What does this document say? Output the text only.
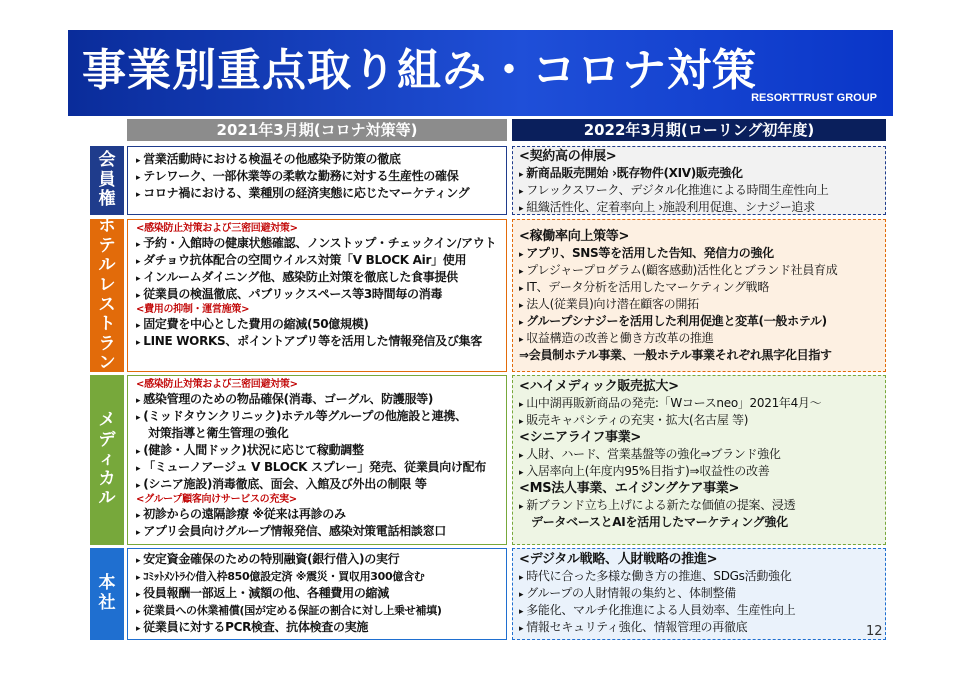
事業別重点取り組み・コロナ対策
RESORTTRUST GROUP
2021年3月期(コロナ対策等)	2022年3月期(ローリング初年度)
会員権
▸ 営業活動時における検温その他感染予防策の徹底
▸ テレワーク、一部休業等の柔軟な勤務に対する生産性の確保
▸ コロナ禍における、業種別の経済実態に応じたマーケティング
<契約高の伸展>
▸ 新商品販売開始 ›既存物件(XIV)販売強化
▸ フレックスワーク、デジタル化推進による時間生産性向上
▸ 組織活性化、定着率向上 ›施設利用促進、シナジー追求
ホテルレストラン
<感染防止対策および三密回避対策>
▸ 予約・入館時の健康状態確認、ノンストップ・チェックイン/アウト
▸ ダチョウ抗体配合の空間ウイルス対策「V BLOCK Air」使用
▸ インルームダイニング他、感染防止対策を徹底した食事提供
▸ 従業員の検温徹底、パブリックスペース等3時間毎の消毒
<費用の抑制・運営施策>
▸ 固定費を中心とした費用の縮減(50億規模)
▸ LINE WORKS、ポイントアプリ等を活用した情報発信及び集客
<稼働率向上策等>
▸ アプリ、SNS等を活用した告知、発信力の強化
▸ プレジャープログラム(顧客感動)活性化とブランド社員育成
▸ IT、データ分析を活用したマーケティング戦略
▸ 法人(従業員)向け潜在顧客の開拓
▸ グループシナジーを活用した利用促進と変革(一般ホテル)
▸ 収益構造の改善と働き方改革の推進
⇒会員制ホテル事業、一般ホテル事業それぞれ黒字化目指す
メディカル
<感染防止対策および三密回避対策>
▸ 感染管理のための物品確保(消毒、ゴーグル、防護服等)
▸ (ミッドタウンクリニック)ホテル等グループの他施設と連携、
対策指導と衛生管理の強化
▸ (健診・人間ドック)状況に応じて稼動調整
▸ 「ミューノアージュ V BLOCK スプレー」発売、従業員向け配布
▸ (シニア施設)消毒徹底、面会、入館及び外出の制限 等
<グループ顧客向けサービスの充実>
▸ 初診からの遠隔診療 ※従来は再診のみ
▸ アプリ会員向けグループ情報発信、感染対策電話相談窓口
<ハイメディック販売拡大>
▸ 山中湖再販新商品の発売:「Wコースneo」2021年4月～
▸ 販売キャパシティの充実・拡大(名古屋 等)
<シニアライフ事業>
▸ 人財、ハード、営業基盤等の強化⇒ブランド強化
▸ 入居率向上(年度内95%目指す)⇒収益性の改善
<MS法人事業、エイジングケア事業>
▸ 新ブランド立ち上げによる新たな価値の提案、浸透
データベースとAIを活用したマーケティング強化
本社
▸ 安定資金確保のための特別融資(銀行借入)の実行
▸ ｺﾐｯﾄﾒﾝﾄﾗｲﾝ借入枠850億設定済 ※震災・買収用300億含む
▸ 役員報酬一部返上・減額の他、各種費用の縮減
▸ 従業員への休業補償(国が定める保証の割合に対し上乗せ補填)
▸ 従業員に対するPCR検査、抗体検査の実施
<デジタル戦略、人財戦略の推進>
▸ 時代に合った多様な働き方の推進、SDGs活動強化
▸ グループの人財情報の集約と、体制整備
▸ 多能化、マルチ化推進による人員効率、生産性向上
▸ 情報セキュリティ強化、情報管理の再徹底	12
